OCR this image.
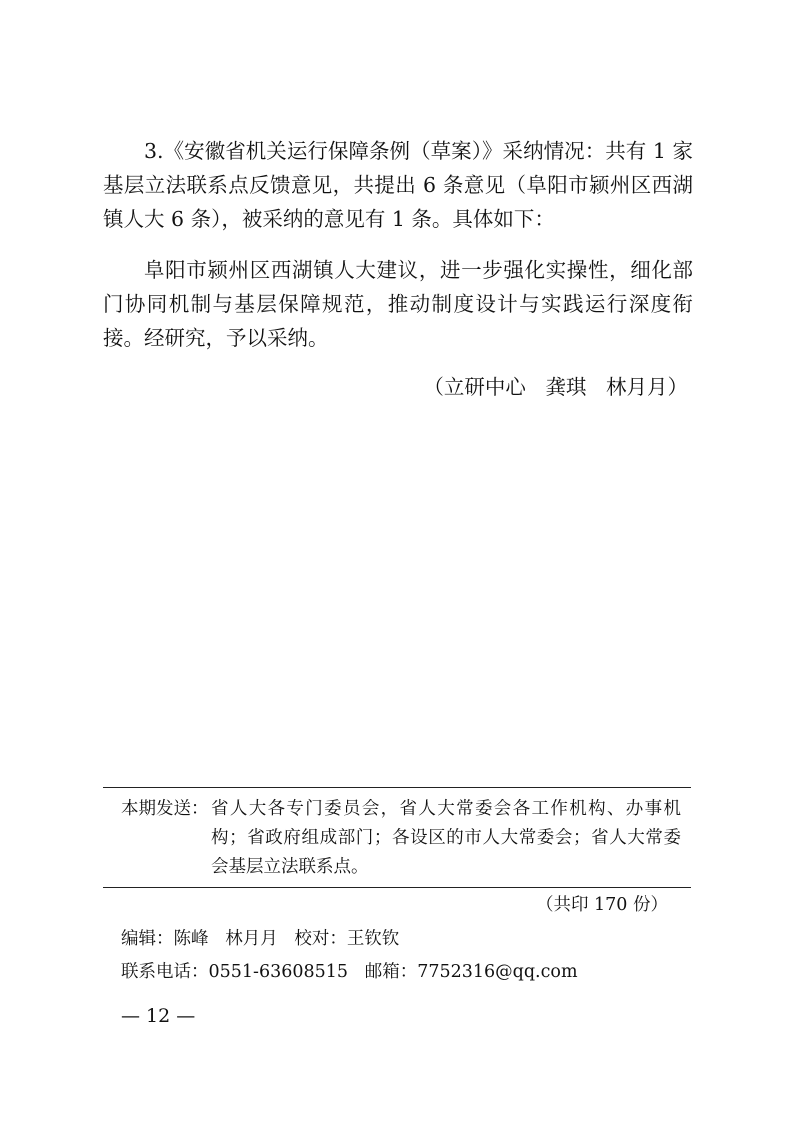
3.《安徽省机关运行保障条例（草案）》采纳情况：共有 1 家基层立法联系点反馈意见，共提出 6 条意见（阜阳市颍州区西湖镇人大 6 条），被采纳的意见有 1 条。具体如下：

阜阳市颍州区西湖镇人大建议，进一步强化实操性，细化部门协同机制与基层保障规范，推动制度设计与实践运行深度衔接。经研究，予以采纳。

（立研中心   龚琪   林月月）
本期发送： 省人大各专门委员会，省人大常委会各工作机构、办事机构；省政府组成部门；各设区的市人大常委会；省人大常委会基层立法联系点。
（共印 170 份）
编辑：陈峰   林月月   校对：王钦钦
联系电话：0551-63608515   邮箱：7752316@qq.com
— 12 —
